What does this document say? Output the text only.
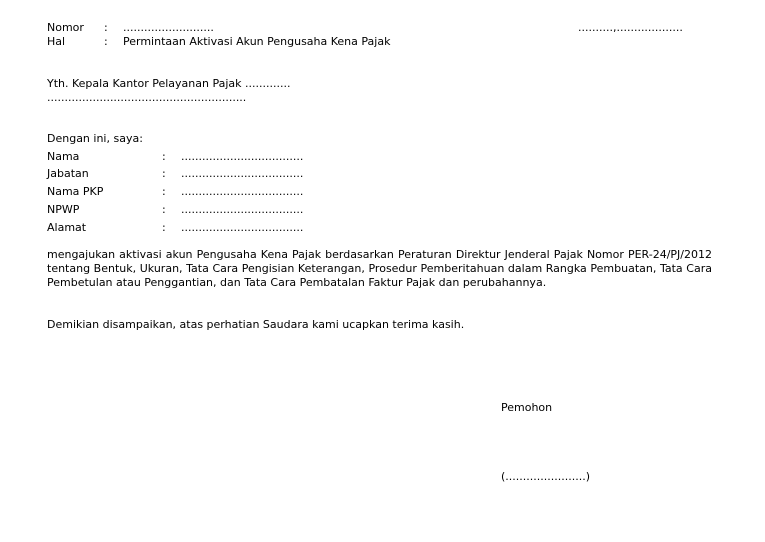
Nomor : ..........................	..........,...................
Hal	: Permintaan Aktivasi Akun Pengusaha Kena Pajak
Yth. Kepala Kantor Pelayanan Pajak .............
.........................................................
Dengan ini, saya:
Nama	: ...................................
Jabatan	: ...................................
Nama PKP	: ...................................
NPWP	: ...................................
Alamat	: ...................................
mengajukan aktivasi akun Pengusaha Kena Pajak berdasarkan Peraturan Direktur Jenderal Pajak Nomor PER-24/PJ/2012 tentang Bentuk, Ukuran, Tata Cara Pengisian Keterangan, Prosedur Pemberitahuan dalam Rangka Pembuatan, Tata Cara Pembetulan atau Penggantian, dan Tata Cara Pembatalan Faktur Pajak dan perubahannya.
Demikian disampaikan, atas perhatian Saudara kami ucapkan terima kasih.
Pemohon
(.......................)
